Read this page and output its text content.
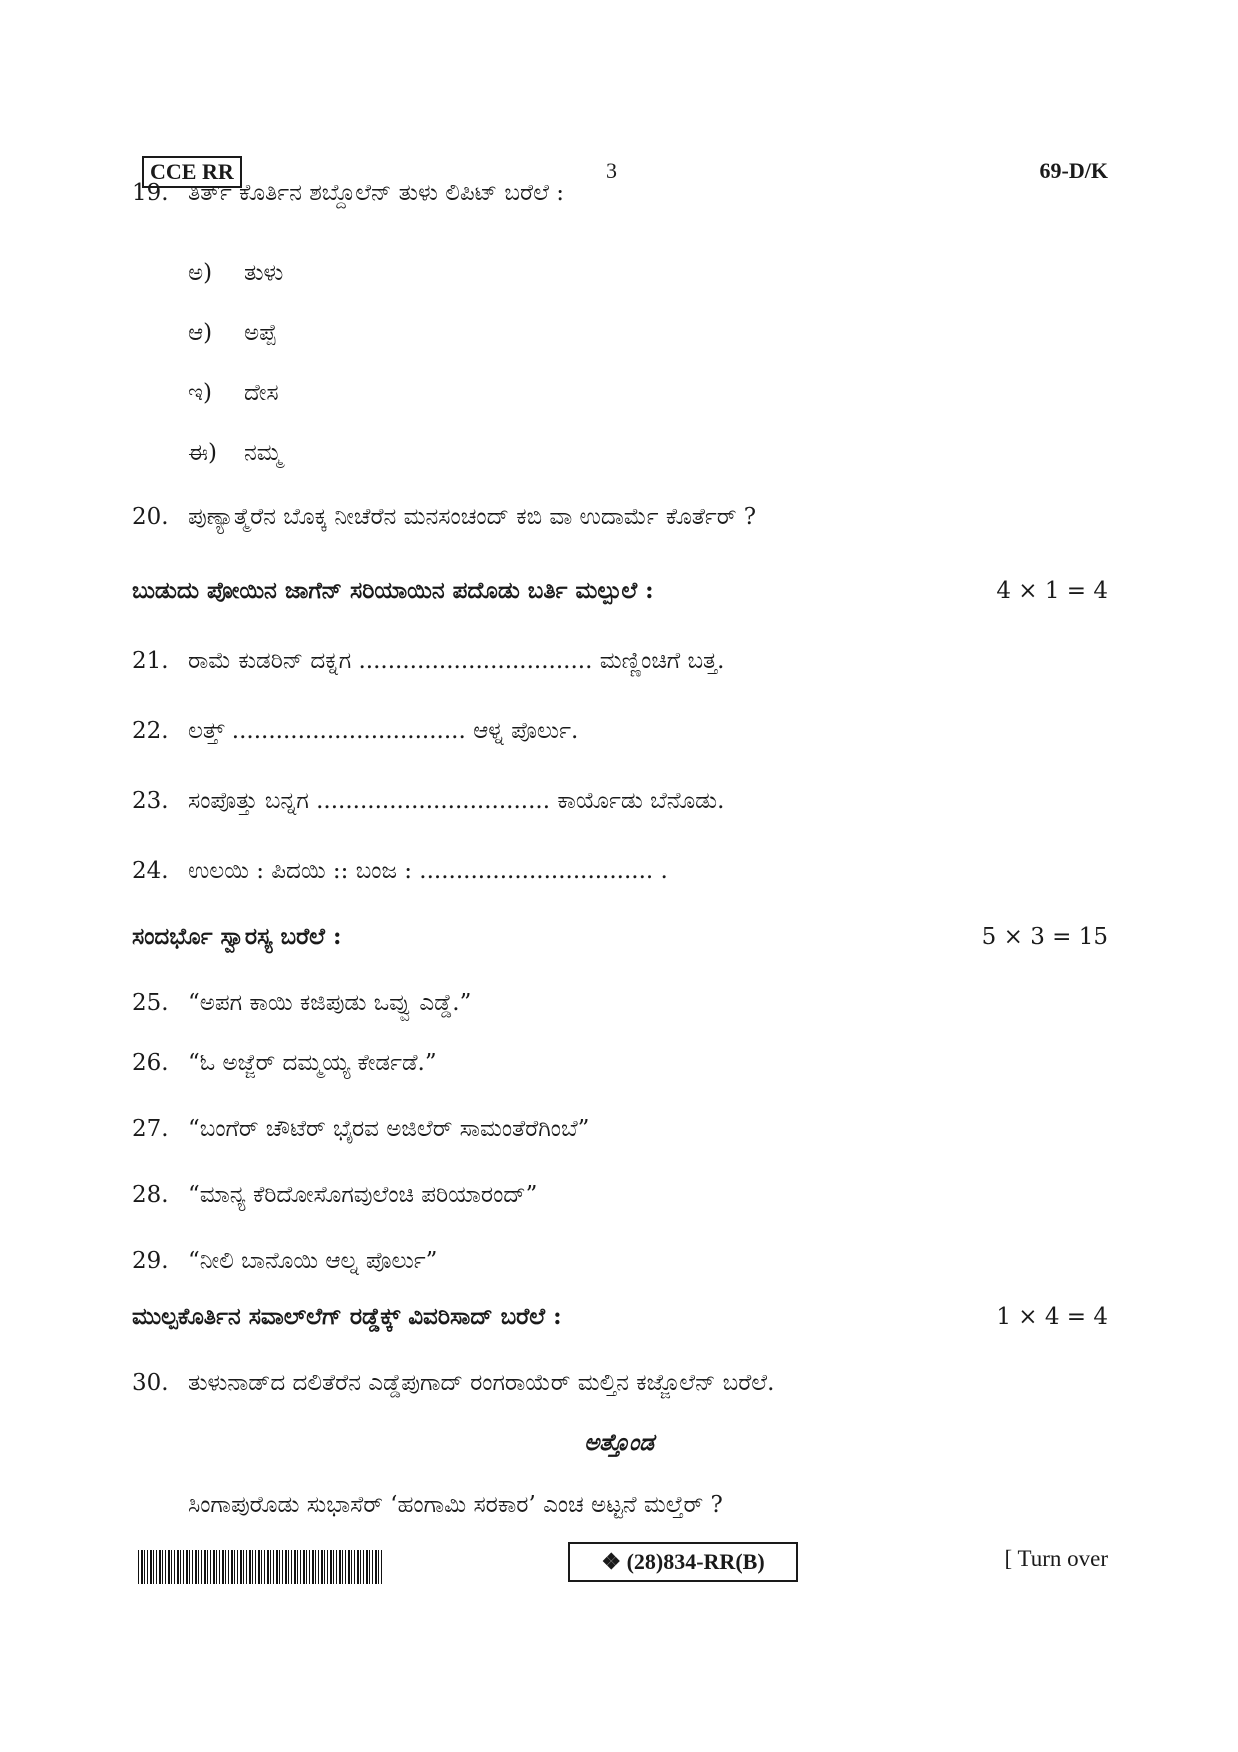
CCE RR	3	69-D/K
19. ತಿರ್ತ್ ಕೊರ್ತಿನ ಶಬ್ದೊಲೆನ್ ತುಳು ಲಿಪಿಟ್ ಬರೆಲೆ :
ಅ) ತುಳು
ಆ) ಅಪ್ಪೆ
ಇ) ದೇಸ
ಈ) ನಮ್ಮ
20. ಪುಣ್ಯಾತ್ಮೆರೆನ ಬೊಕ್ಕ ನೀಚೆರೆನ ಮನಸಂಚಂದ್ ಕಬಿ ವಾ ಉದಾರ್ಮೆ ಕೊರ್ತೆರ್ ?
ಬುಡುದು ಪೋಯಿನ ಜಾಗೆನ್ ಸರಿಯಾಯಿನ ಪದೊಡು ಬರ್ತಿ ಮಲ್ಪುಲೆ :	4 × 1 = 4
21. ರಾಮೆ ಕುಡರಿನ್ ದಕ್ನಗ ................................ ಮಣ್ಣಿಂಚಿಗೆ ಬತ್ತ.
22. ಲತ್ತ್ ................................ ಆಳ್ನ ಪೊರ್ಲು.
23. ಸಂಪೊತ್ತು ಬನ್ನಗ ................................ ಕಾರ್ಯೊಡು ಬೆನೊಡು.
24. ಉಲಯಿ : ಪಿದಯಿ :: ಬಂಜ : ................................ .
ಸಂದರ್ಭೊ ಸ್ವಾರಸ್ಯ ಬರೆಲೆ :	5 × 3 = 15
25. “ಅಪಗ ಕಾಯಿ ಕಜಿಪುಡು ಒವ್ವು ಎಡ್ಡೆ.”
26. “ಓ ಅಜ್ಜೆರ್ ದಮ್ಮಯ್ಯ ಕೇರ್ಡಡೆ.”
27. “ಬಂಗೆರ್ ಚೌಟೆರ್ ಭೈರವ ಅಜಿಲೆರ್ ಸಾಮಂತೆರೆಗಿಂಬೆ”
28. “ಮಾನ್ಯ ಕೆರಿದೋಸೊಗವುಲೆಂಚಿ ಪರಿಯಾರಂದ್”
29. “ನೀಲಿ ಬಾನೊಯಿ ಆಲ್ನ ಪೊರ್ಲು”
ಮುಲ್ಪಕೊರ್ತಿನ ಸವಾಲ್‌ಲೆಗ್ ರಡ್ಡೆಕ್ಕ್ ವಿವರಿಸಾದ್ ಬರೆಲೆ :	1 × 4 = 4
30. ತುಳುನಾಡ್‌ದ ದಲಿತೆರೆನ ಎಡ್ಡೆಪುಗಾದ್ ರಂಗರಾಯೆರ್ ಮಲ್ತಿನ ಕಜ್ಜೊಲೆನ್ ಬರೆಲೆ.
ಅತ್ತೊಂಡ
ಸಿಂಗಾಪುರೊಡು ಸುಭಾಸೆರ್ ‘ಹಂಗಾಮಿ ಸರಕಾರ’ ಎಂಚ ಅಟ್ಟನೆ ಮಲ್ತೆರ್ ?
❖ (28)834-RR(B)	[ Turn over
